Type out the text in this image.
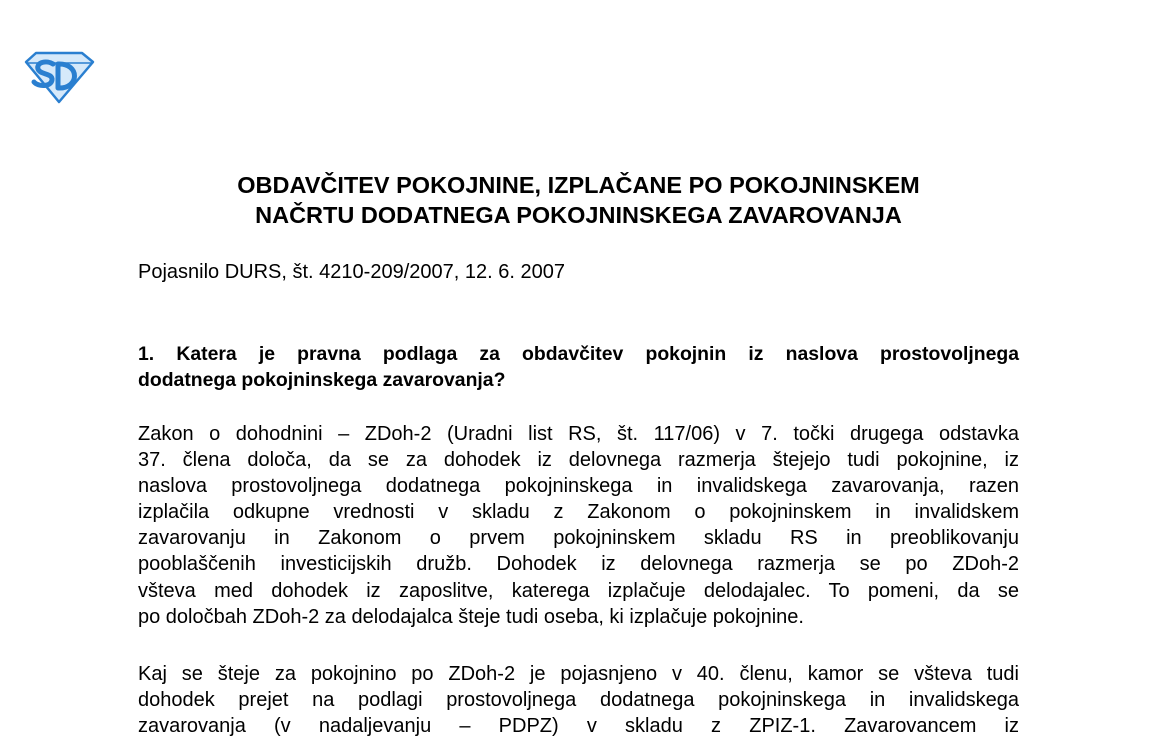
OBDAVČITEV POKOJNINE, IZPLAČANE PO POKOJNINSKEM
NAČRTU DODATNEGA POKOJNINSKEGA ZAVAROVANJA

Pojasnilo DURS, št. 4210-209/2007, 12. 6. 2007

1. Katera je pravna podlaga za obdavčitev pokojnin iz naslova prostovoljnega
dodatnega pokojninskega zavarovanja?

Zakon o dohodnini – ZDoh-2 (Uradni list RS, št. 117/06) v 7. točki drugega odstavka
37. člena določa, da se za dohodek iz delovnega razmerja štejejo tudi pokojnine, iz
naslova prostovoljnega dodatnega pokojninskega in invalidskega zavarovanja, razen
izplačila odkupne vrednosti v skladu z Zakonom o pokojninskem in invalidskem
zavarovanju in Zakonom o prvem pokojninskem skladu RS in preoblikovanju
pooblaščenih investicijskih družb. Dohodek iz delovnega razmerja se po ZDoh-2
všteva med dohodek iz zaposlitve, katerega izplačuje delodajalec. To pomeni, da se
po določbah ZDoh-2 za delodajalca šteje tudi oseba, ki izplačuje pokojnine.

Kaj se šteje za pokojnino po ZDoh-2 je pojasnjeno v 40. členu, kamor se všteva tudi
dohodek prejet na podlagi prostovoljnega dodatnega pokojninskega in invalidskega
zavarovanja (v nadaljevanju – PDPZ) v skladu z ZPIZ-1. Zavarovancem iz
